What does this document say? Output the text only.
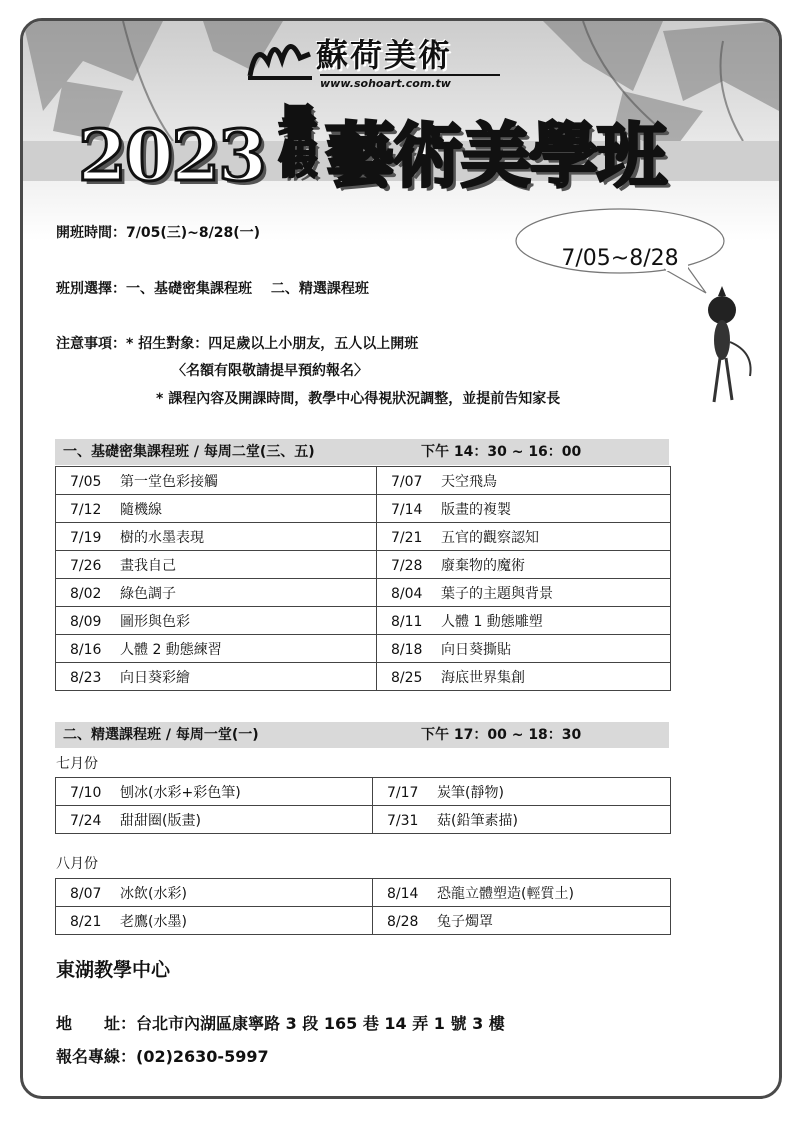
蘇荷美術
www.sohoart.com.tw
2023 暑
假 藝術美學班
開班時間：7/05(三)~8/28(一)
班別選擇：一、基礎密集課程班　 二、精選課程班
注意事項：* 招生對象：四足歲以上小朋友，五人以上開班
〈名額有限敬請提早預約報名〉
* 課程內容及開課時間，教學中心得視狀況調整，並提前告知家長
7/05~8/28
一、基礎密集課程班 / 每周二堂(三、五)	下午 14：30 ~ 16：00
7/05 第一堂色彩接觸	7/07 天空飛鳥
7/12 隨機線	7/14 版畫的複製
7/19 樹的水墨表現	7/21 五官的觀察認知
7/26 畫我自己	7/28 廢棄物的魔術
8/02 綠色調子	8/04 葉子的主題與背景
8/09 圖形與色彩	8/11 人體 1 動態雕塑
8/16 人體 2 動態練習	8/18 向日葵撕貼
8/23 向日葵彩繪	8/25 海底世界集創
二、精選課程班 / 每周一堂(一)	下午 17：00 ~ 18：30
七月份
7/10 刨冰(水彩+彩色筆)	7/17 炭筆(靜物)
7/24 甜甜圈(版畫)	7/31 菇(鉛筆素描)
八月份
8/07 冰飲(水彩)	8/14 恐龍立體塑造(輕質土)
8/21 老鷹(水墨)	8/28 兔子燭罩
東湖教學中心
地　　址：台北市內湖區康寧路 3 段 165 巷 14 弄 1 號 3 樓
報名專線：(02)2630-5997
